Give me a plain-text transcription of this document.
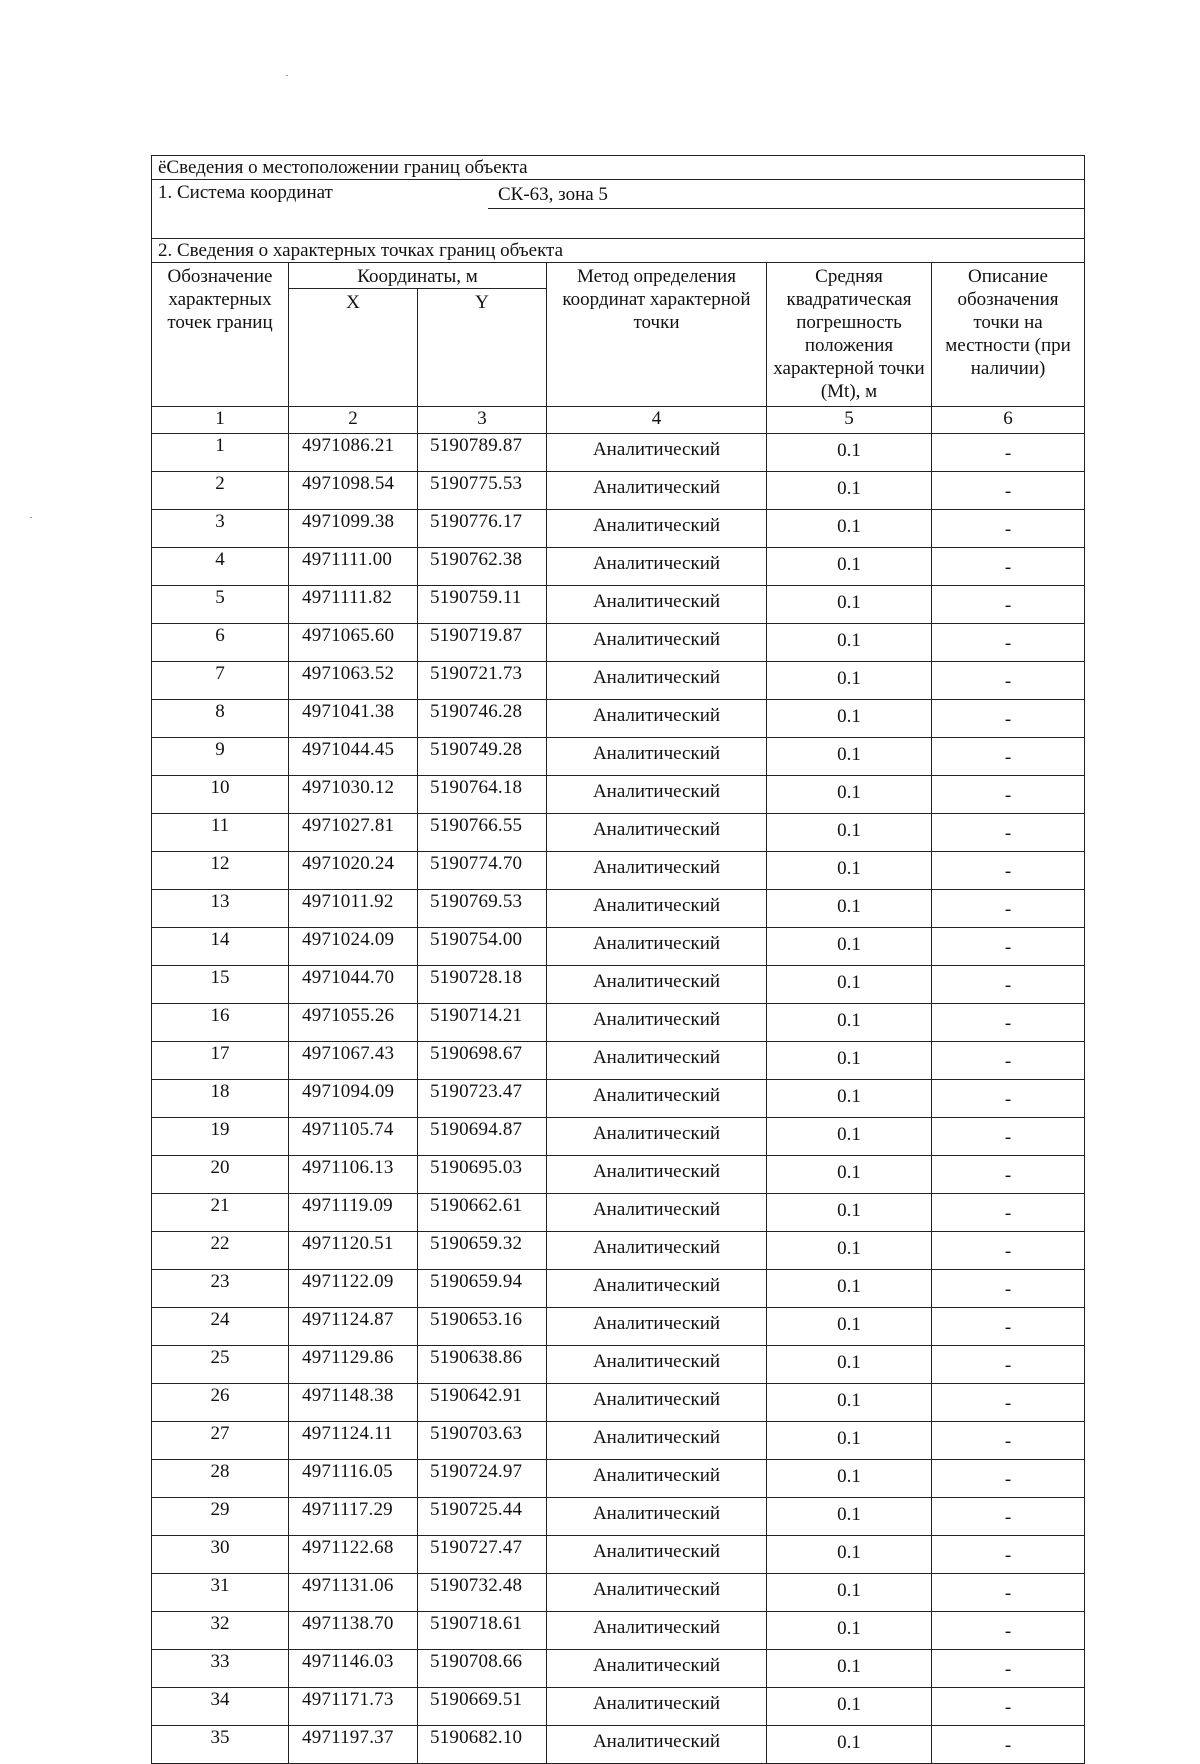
ёСведения о местоположении границ объекта					

1. Система координат СК-63, зона 5					

2. Сведения о характерных точках границ объекта					
Обозначение характерных точек границ	Координаты, м		Метод определения координат характерной точки	Средняя квадратическая погрешность положения характерной точки (Mt), м	Описание обозначения точки на местности (при наличии)
	X	Y			
1	2	3	4	5	6
1	4971086.21	5190789.87	Аналитический	0.1	-
2	4971098.54	5190775.53	Аналитический	0.1	-
3	4971099.38	5190776.17	Аналитический	0.1	-
4	4971111.00	5190762.38	Аналитический	0.1	-
5	4971111.82	5190759.11	Аналитический	0.1	-
6	4971065.60	5190719.87	Аналитический	0.1	-
7	4971063.52	5190721.73	Аналитический	0.1	-
8	4971041.38	5190746.28	Аналитический	0.1	-
9	4971044.45	5190749.28	Аналитический	0.1	-
10	4971030.12	5190764.18	Аналитический	0.1	-
11	4971027.81	5190766.55	Аналитический	0.1	-
12	4971020.24	5190774.70	Аналитический	0.1	-
13	4971011.92	5190769.53	Аналитический	0.1	-
14	4971024.09	5190754.00	Аналитический	0.1	-
15	4971044.70	5190728.18	Аналитический	0.1	-
16	4971055.26	5190714.21	Аналитический	0.1	-
17	4971067.43	5190698.67	Аналитический	0.1	-
18	4971094.09	5190723.47	Аналитический	0.1	-
19	4971105.74	5190694.87	Аналитический	0.1	-
20	4971106.13	5190695.03	Аналитический	0.1	-
21	4971119.09	5190662.61	Аналитический	0.1	-
22	4971120.51	5190659.32	Аналитический	0.1	-
23	4971122.09	5190659.94	Аналитический	0.1	-
24	4971124.87	5190653.16	Аналитический	0.1	-
25	4971129.86	5190638.86	Аналитический	0.1	-
26	4971148.38	5190642.91	Аналитический	0.1	-
27	4971124.11	5190703.63	Аналитический	0.1	-
28	4971116.05	5190724.97	Аналитический	0.1	-
29	4971117.29	5190725.44	Аналитический	0.1	-
30	4971122.68	5190727.47	Аналитический	0.1	-
31	4971131.06	5190732.48	Аналитический	0.1	-
32	4971138.70	5190718.61	Аналитический	0.1	-
33	4971146.03	5190708.66	Аналитический	0.1	-
34	4971171.73	5190669.51	Аналитический	0.1	-
35	4971197.37	5190682.10	Аналитический	0.1	-
